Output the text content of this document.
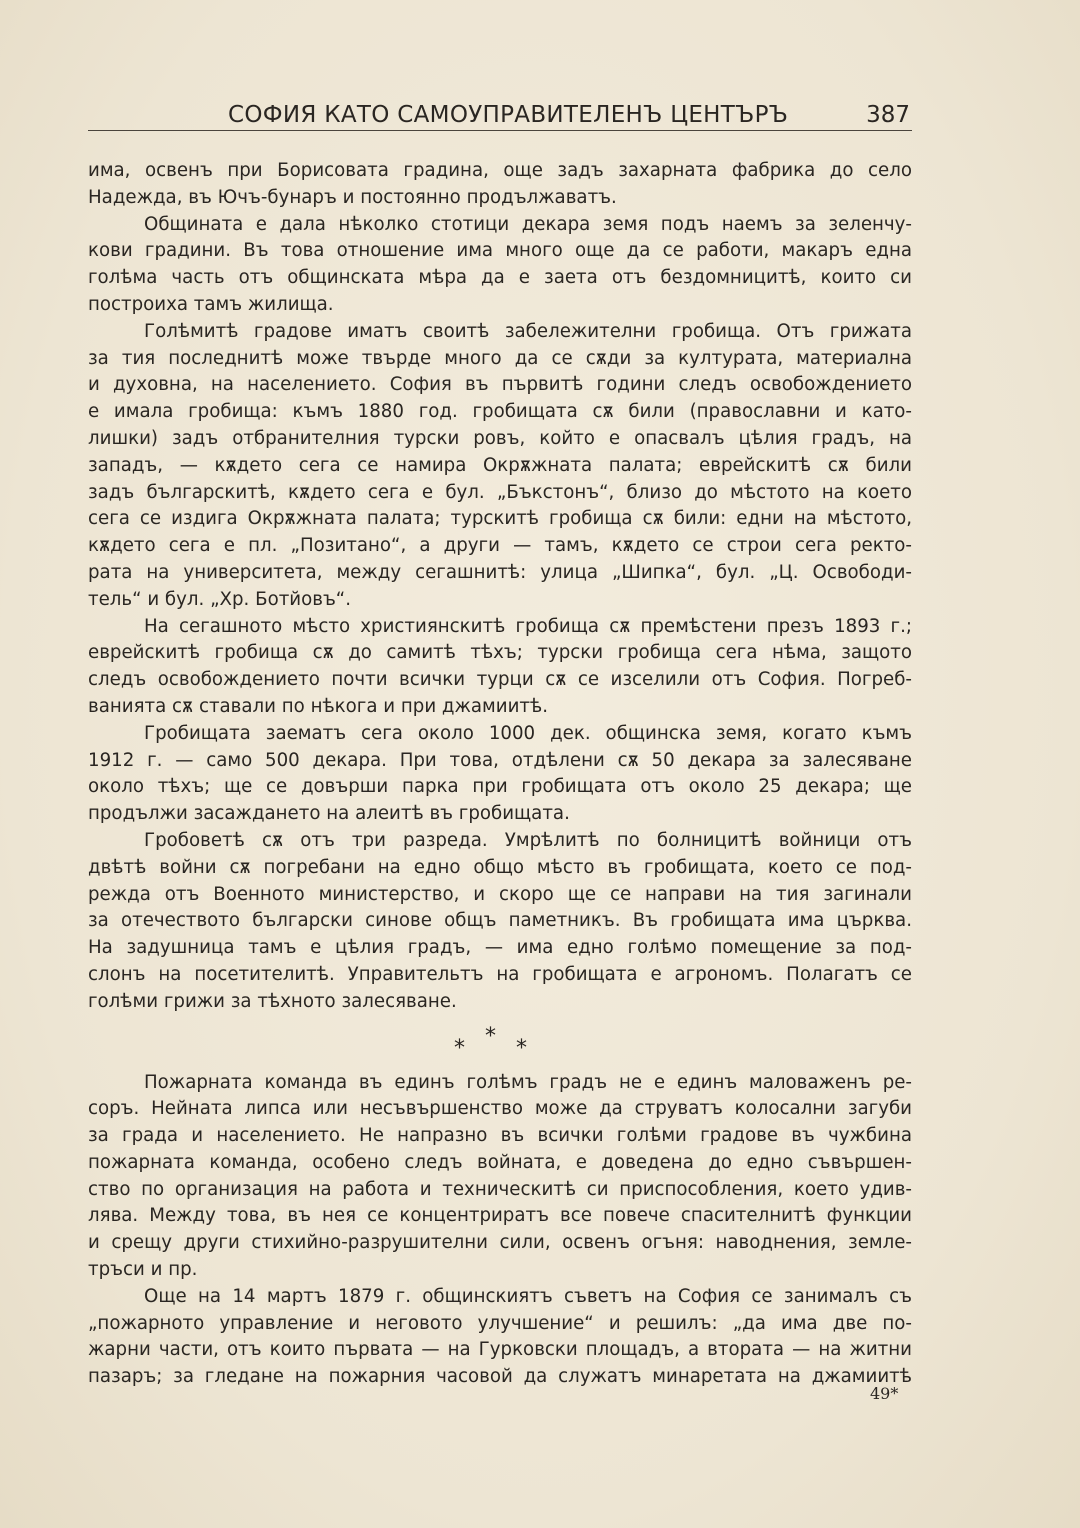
СОФИЯ КАТО САМОУПРАВИТЕЛЕНЪ ЦЕНТЪРЪ	387
има, освенъ при Борисовата градина, още задъ захарната фабрика до село
Надежда, въ Ючъ-бунаръ и постоянно продължаватъ.
Общината е дала нѣколко стотици декара земя подъ наемъ за зеленчу-
кови градини. Въ това отношение има много още да се работи, макаръ една
голѣма часть отъ общинската мѣра да е заета отъ бездомницитѣ, които си
построиха тамъ жилища.
Голѣмитѣ градове иматъ своитѣ забележителни гробища. Отъ грижата
за тия последнитѣ може твърде много да се сѫди за културата, материална
и духовна, на населението. София въ първитѣ години следъ освобождението
е имала гробища: къмъ 1880 год. гробищата сѫ били (православни и като-
лишки) задъ отбранителния турски ровъ, който е опасвалъ цѣлия градъ, на
западъ, — кѫдето сега се намира Окрѫжната палата; еврейскитѣ сѫ били
задъ българскитѣ, кѫдето сега е бул. „Бъкстонъ“, близо до мѣстото на което
сега се издига Окрѫжната палата; турскитѣ гробища сѫ били: едни на мѣстото,
кѫдето сега е пл. „Позитано“, а други — тамъ, кѫдето се строи сега ректо-
рата на университета, между сегашнитѣ: улица „Шипка“, бул. „Ц. Освободи-
тель“ и бул. „Хр. Ботйовъ“.
На сегашното мѣсто християнскитѣ гробища сѫ премѣстени презъ 1893 г.;
еврейскитѣ гробища сѫ до самитѣ тѣхъ; турски гробища сега нѣма, защото
следъ освобождението почти всички турци сѫ се изселили отъ София. Погреб-
ванията сѫ ставали по нѣкога и при джамиитѣ.
Гробищата заематъ сега около 1000 дек. общинска земя, когато къмъ
1912 г. — само 500 декара. При това, отдѣлени сѫ 50 декара за залесяване
около тѣхъ; ще се довърши парка при гробищата отъ около 25 декара; ще
продължи засаждането на алеитѣ въ гробищата.
Гробоветѣ сѫ отъ три разреда. Умрѣлитѣ по болницитѣ войници отъ
двѣтѣ войни сѫ погребани на едно общо мѣсто въ гробищата, което се под-
режда отъ Военното министерство, и скоро ще се направи на тия загинали
за отечеството български синове общъ паметникъ. Въ гробищата има църква.
На задушница тамъ е цѣлия градъ, — има едно голѣмо помещение за под-
слонъ на посетителитѣ. Управительтъ на гробищата е агрономъ. Полагатъ се
голѣми грижи за тѣхното залесяване.
***
Пожарната команда въ единъ голѣмъ градъ не е единъ маловаженъ ре-
соръ. Нейната липса или несъвършенство може да струватъ колосални загуби
за града и населението. Не напразно въ всички голѣми градове въ чужбина
пожарната команда, особено следъ войната, е доведена до едно съвършен-
ство по организация на работа и техническитѣ си приспособления, което удив-
лява. Между това, въ нея се концентриратъ все повече спасителнитѣ функции
и срещу други стихийно-разрушителни сили, освенъ огъня: наводнения, земле-
тръси и пр.
Още на 14 мартъ 1879 г. общинскиятъ съветъ на София се занималъ съ
„пожарното управление и неговото улучшение“ и решилъ: „да има две по-
жарни части, отъ които първата — на Гурковски площадъ, а втората — на житни
пазаръ; за гледане на пожарния часовой да служатъ минаретата на джамиитѣ
49*
